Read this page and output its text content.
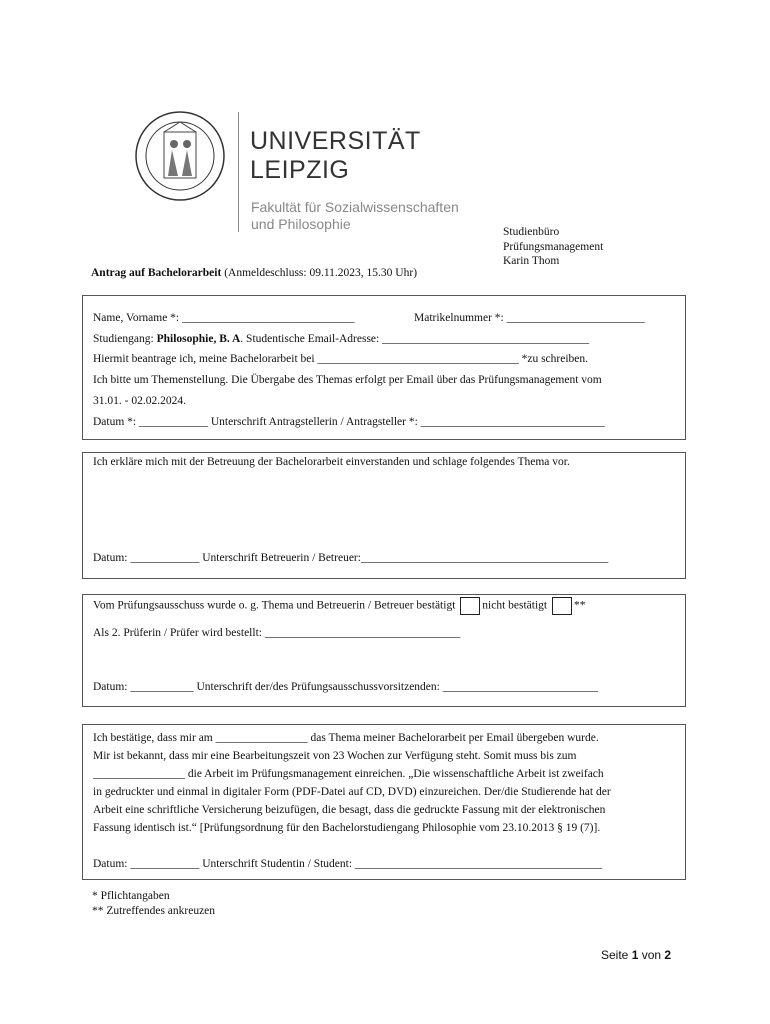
UNIVERSITÄT
LEIPZIG
Fakultät für Sozialwissenschaften
und Philosophie	Studienbüro
Prüfungsmanagement
Karin Thom
Antrag auf Bachelorarbeit (Anmeldeschluss: 09.11.2023, 15.30 Uhr)
Name, Vorname *: ______________________________	Matrikelnummer *: ________________________
Studiengang: Philosophie, B. A. Studentische Email-Adresse: ____________________________________
Hiermit beantrage ich, meine Bachelorarbeit bei ___________________________________ *zu schreiben.
Ich bitte um Themenstellung. Die Übergabe des Themas erfolgt per Email über das Prüfungsmanagement vom
31.01. - 02.02.2024.
Datum *: ____________ Unterschrift Antragstellerin / Antragsteller *: ________________________________
Ich erkläre mich mit der Betreuung der Bachelorarbeit einverstanden und schlage folgendes Thema vor.
Datum: ____________ Unterschrift Betreuerin / Betreuer:___________________________________________
Vom Prüfungsausschuss wurde o. g. Thema und Betreuerin / Betreuer bestätigt nicht bestätigt **
Als 2. Prüferin / Prüfer wird bestellt: __________________________________
Datum: ___________ Unterschrift der/des Prüfungsausschussvorsitzenden: ___________________________
Ich bestätige, dass mir am ________________ das Thema meiner Bachelorarbeit per Email übergeben wurde.
Mir ist bekannt, dass mir eine Bearbeitungszeit von 23 Wochen zur Verfügung steht. Somit muss bis zum
________________ die Arbeit im Prüfungsmanagement einreichen. „Die wissenschaftliche Arbeit ist zweifach
in gedruckter und einmal in digitaler Form (PDF-Datei auf CD, DVD) einzureichen. Der/die Studierende hat der
Arbeit eine schriftliche Versicherung beizufügen, die besagt, dass die gedruckte Fassung mit der elektronischen
Fassung identisch ist.“ [Prüfungsordnung für den Bachelorstudiengang Philosophie vom 23.10.2013 § 19 (7)].
Datum: ____________ Unterschrift Studentin / Student: ___________________________________________
* Pflichtangaben
** Zutreffendes ankreuzen
Seite 1 von 2
